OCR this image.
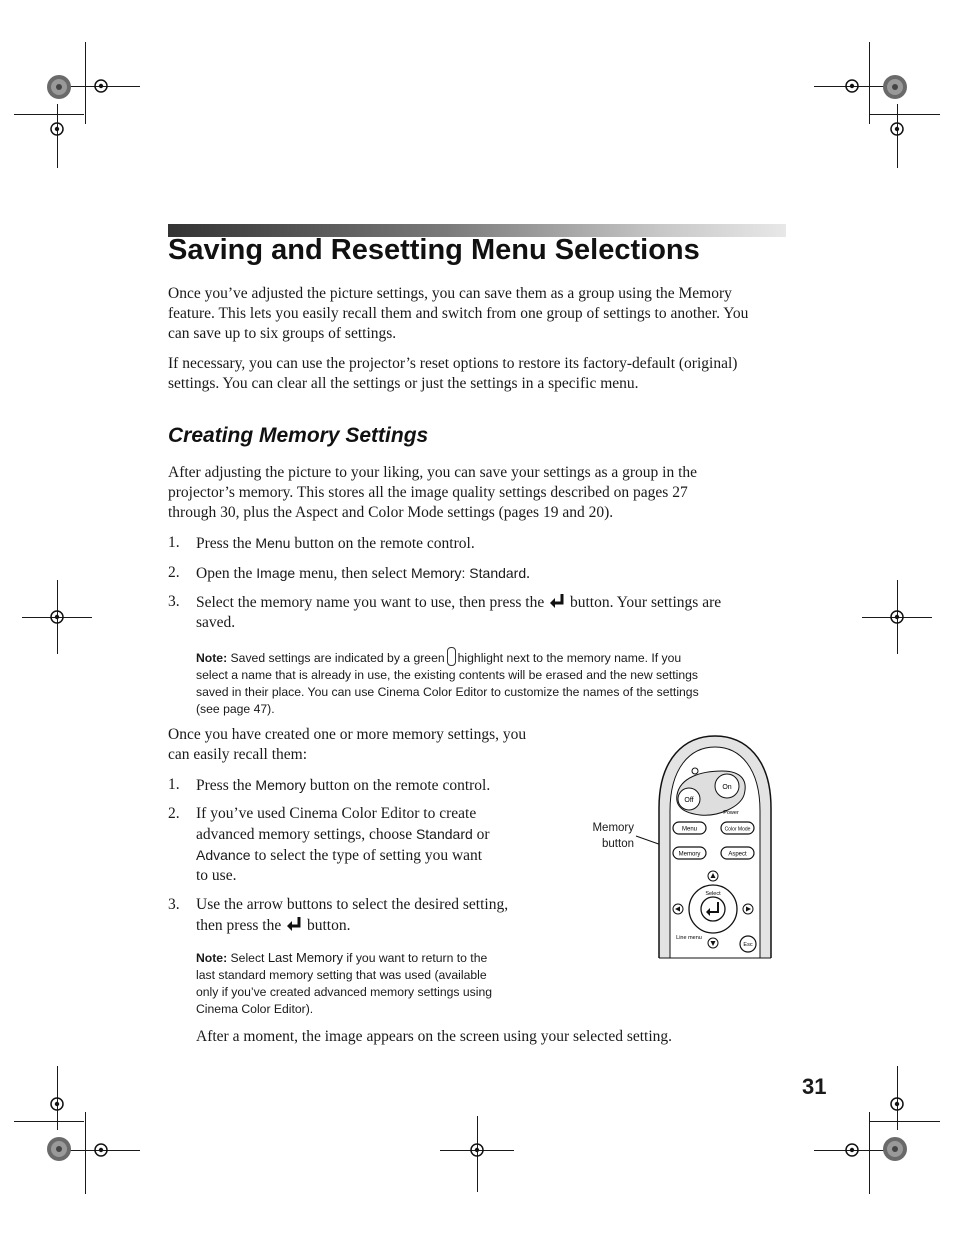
Saving and Resetting Menu Selections
Once you’ve adjusted the picture settings, you can save them as a group using the Memory
feature. This lets you easily recall them and switch from one group of settings to another. You
can save up to six groups of settings.
If necessary, you can use the projector’s reset options to restore its factory-default (original)
settings. You can clear all the settings or just the settings in a specific menu.
Creating Memory Settings
After adjusting the picture to your liking, you can save your settings as a group in the
projector’s memory. This stores all the image quality settings described on pages 27
through 30, plus the Aspect and Color Mode settings (pages 19 and 20).
1. Press the Menu button on the remote control.
2. Open the Image menu, then select Memory: Standard.
3. Select the memory name you want to use, then press the button. Your settings are
saved.
Note: Saved settings are indicated by a green highlight next to the memory name. If you
select a name that is already in use, the existing contents will be erased and the new settings
saved in their place. You can use Cinema Color Editor to customize the names of the settings
(see page 47).
Once you have created one or more memory settings, you
can easily recall them:
1. Press the Memory button on the remote control.
2. If you’ve used Cinema Color Editor to create
advanced memory settings, choose Standard or
Advance to select the type of setting you want
to use.
3. Use the arrow buttons to select the desired setting,
then press the button.
Note: Select Last Memory if you want to return to the
last standard memory setting that was used (available
only if you’ve created advanced memory settings using
Cinema Color Editor).
After a moment, the image appears on the screen using your selected setting.
Memory
button
On
Off
Power
Menu	Color Mode
Memory	Aspect
Select
Line menu
Esc
31
